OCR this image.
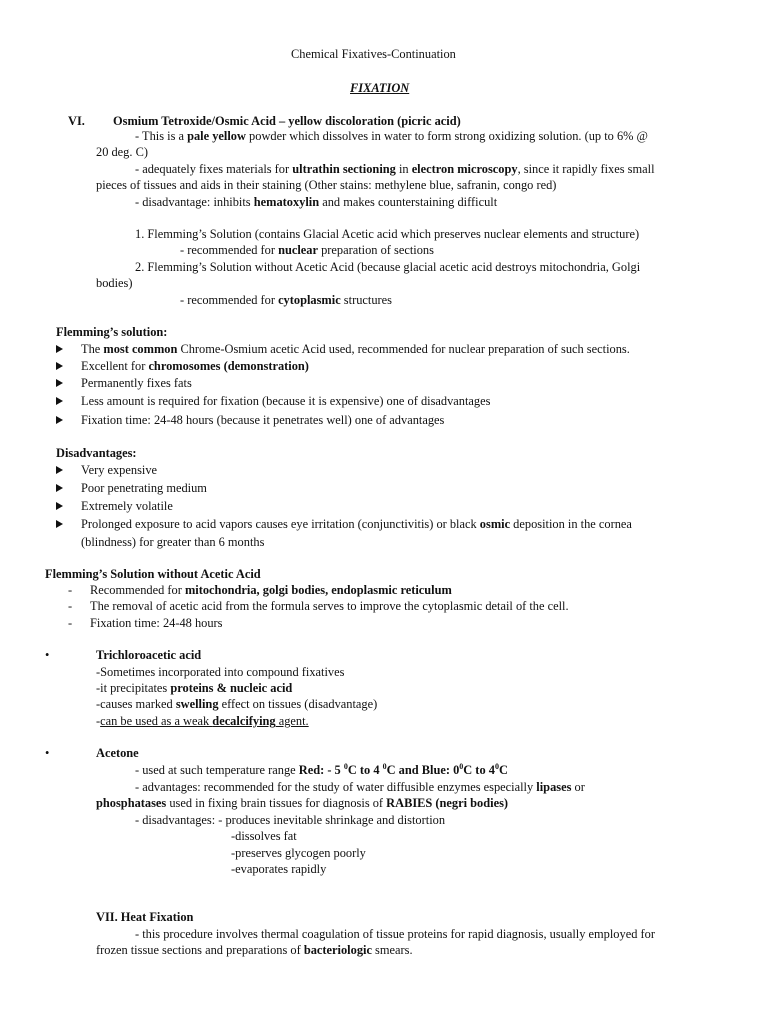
Chemical Fixatives-Continuation
FIXATION
VI. Osmium Tetroxide/Osmic Acid – yellow discoloration (picric acid)
- This is a pale yellow powder which dissolves in water to form strong oxidizing solution. (up to 6% @
20 deg. C)
- adequately fixes materials for ultrathin sectioning in electron microscopy, since it rapidly fixes small
pieces of tissues and aids in their staining (Other stains: methylene blue, safranin, congo red)
- disadvantage: inhibits hematoxylin and makes counterstaining difficult
1. Flemming’s Solution (contains Glacial Acetic acid which preserves nuclear elements and structure)
- recommended for nuclear preparation of sections
2. Flemming’s Solution without Acetic Acid (because glacial acetic acid destroys mitochondria, Golgi
bodies)
- recommended for cytoplasmic structures
Flemming’s solution:
The most common Chrome-Osmium acetic Acid used, recommended for nuclear preparation of such sections.
Excellent for chromosomes (demonstration)
Permanently fixes fats
Less amount is required for fixation (because it is expensive) one of disadvantages
Fixation time: 24-48 hours (because it penetrates well) one of advantages
Disadvantages:
Very expensive
Poor penetrating medium
Extremely volatile
Prolonged exposure to acid vapors causes eye irritation (conjunctivitis) or black osmic deposition in the cornea
(blindness) for greater than 6 months
Flemming’s Solution without Acetic Acid
- Recommended for mitochondria, golgi bodies, endoplasmic reticulum
- The removal of acetic acid from the formula serves to improve the cytoplasmic detail of the cell.
- Fixation time: 24-48 hours
•	Trichloroacetic acid
-Sometimes incorporated into compound fixatives
-it precipitates proteins & nucleic acid
-causes marked swelling effect on tissues (disadvantage)
-can be used as a weak decalcifying agent.
•	Acetone
- used at such temperature range Red: - 5 $^0$C to 4 $^0$C and Blue: $0^0C$ to $4^0C$
- advantages: recommended for the study of water diffusible enzymes especially lipases or
phosphatases used in fixing brain tissues for diagnosis of RABIES (negri bodies)
- disadvantages: - produces inevitable shrinkage and distortion
-dissolves fat
-preserves glycogen poorly
-evaporates rapidly
VII. Heat Fixation
- this procedure involves thermal coagulation of tissue proteins for rapid diagnosis, usually employed for
frozen tissue sections and preparations of bacteriologic smears.
